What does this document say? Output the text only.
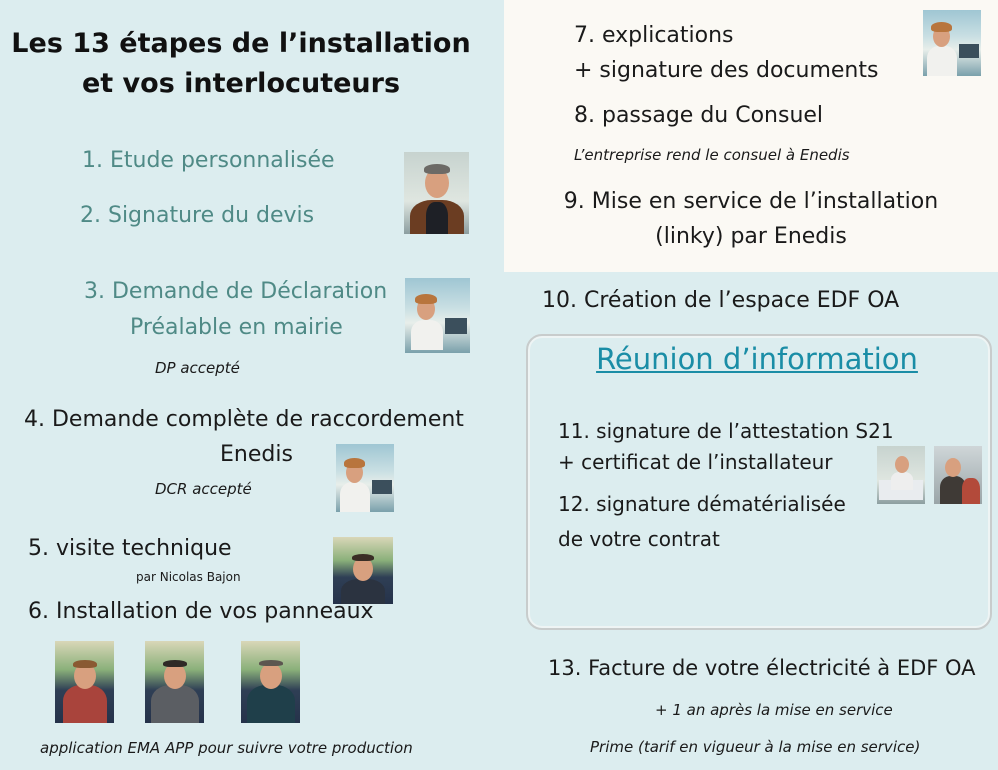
Les 13 étapes de l’installation
et vos interlocuteurs
1. Etude personnalisée
2. Signature du devis
3. Demande de Déclaration
Préalable en mairie
DP accepté
4. Demande complète de raccordement
Enedis
DCR accepté
5. visite technique
par Nicolas Bajon
6. Installation de vos panneaux
application EMA APP pour suivre votre production
7. explications
+ signature des documents
8. passage du Consuel
L’entreprise rend le consuel à Enedis
9. Mise en service de l’installation
(linky) par Enedis
10. Création de l’espace EDF OA
Réunion d’information
11. signature de l’attestation S21
+ certificat de l’installateur
12. signature dématérialisée
de votre contrat
13. Facture de votre électricité à EDF OA
+ 1 an après la mise en service
Prime (tarif en vigueur à la mise en service)
